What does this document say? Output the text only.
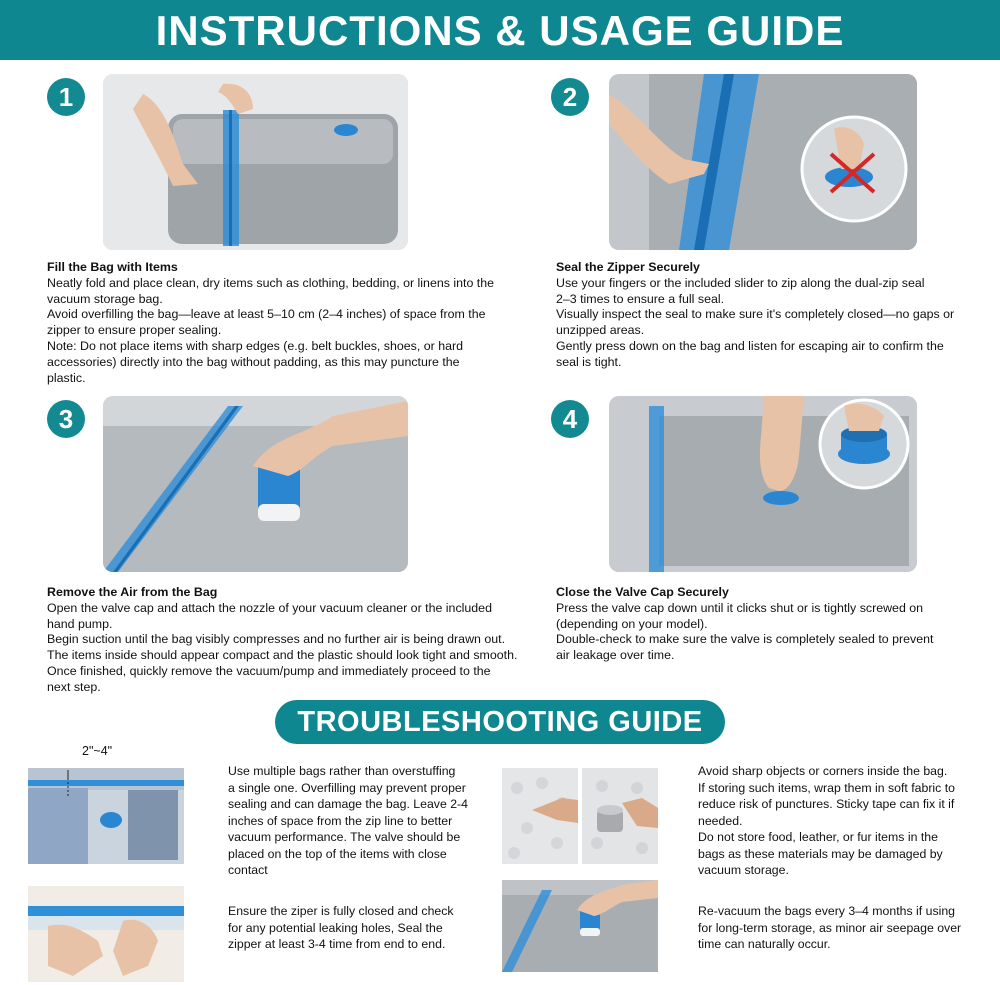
INSTRUCTIONS & USAGE GUIDE
1
Fill the Bag with Items

Neatly fold and place clean, dry items such as clothing, bedding, or linens into the

vacuum storage bag.

Avoid overfilling the bag—leave at least 5–10 cm (2–4 inches) of space from the

zipper to ensure proper sealing.

Note: Do not place items with sharp edges (e.g. belt buckles, shoes, or hard

accessories) directly into the bag without padding, as this may puncture the

plastic.

2
Seal the Zipper Securely

Use your fingers or the included slider to zip along the dual-zip seal

2–3 times to ensure a full seal.

Visually inspect the seal to make sure it's completely closed—no gaps or

unzipped areas.

Gently press down on the bag and listen for escaping air to confirm the

seal is tight.

3
Remove the Air from the Bag

Open the valve cap and attach the nozzle of your vacuum cleaner or the included

hand pump.

Begin suction until the bag visibly compresses and no further air is being drawn out.

The items inside should appear compact and the plastic should look tight and smooth.

Once finished, quickly remove the vacuum/pump and immediately proceed to the

next step.

4
Close the Valve Cap Securely

Press the valve cap down until it clicks shut or is tightly screwed on

(depending on your model).

Double-check to make sure the valve is completely sealed to prevent

air leakage over time.

TROUBLESHOOTING GUIDE
2"~4"

Use multiple bags rather than overstuffing

a single one. Overfilling may prevent proper

sealing and can damage the bag. Leave 2-4

inches of space from the zip line to better

vacuum performance. The valve should be

placed on the top of the items with close

contact

Ensure the ziper is fully closed and check

for any potential leaking holes, Seal the

zipper at least 3-4 time from end to end.

Avoid sharp objects or corners inside the bag.

If storing such items, wrap them in soft fabric to

reduce risk of punctures. Sticky tape can fix it if

needed.

Do not store food, leather, or fur items in the

bags as these materials may be damaged by

vacuum storage.

Re-vacuum the bags every 3–4 months if using

for long-term storage, as minor air seepage over

time can naturally occur.
